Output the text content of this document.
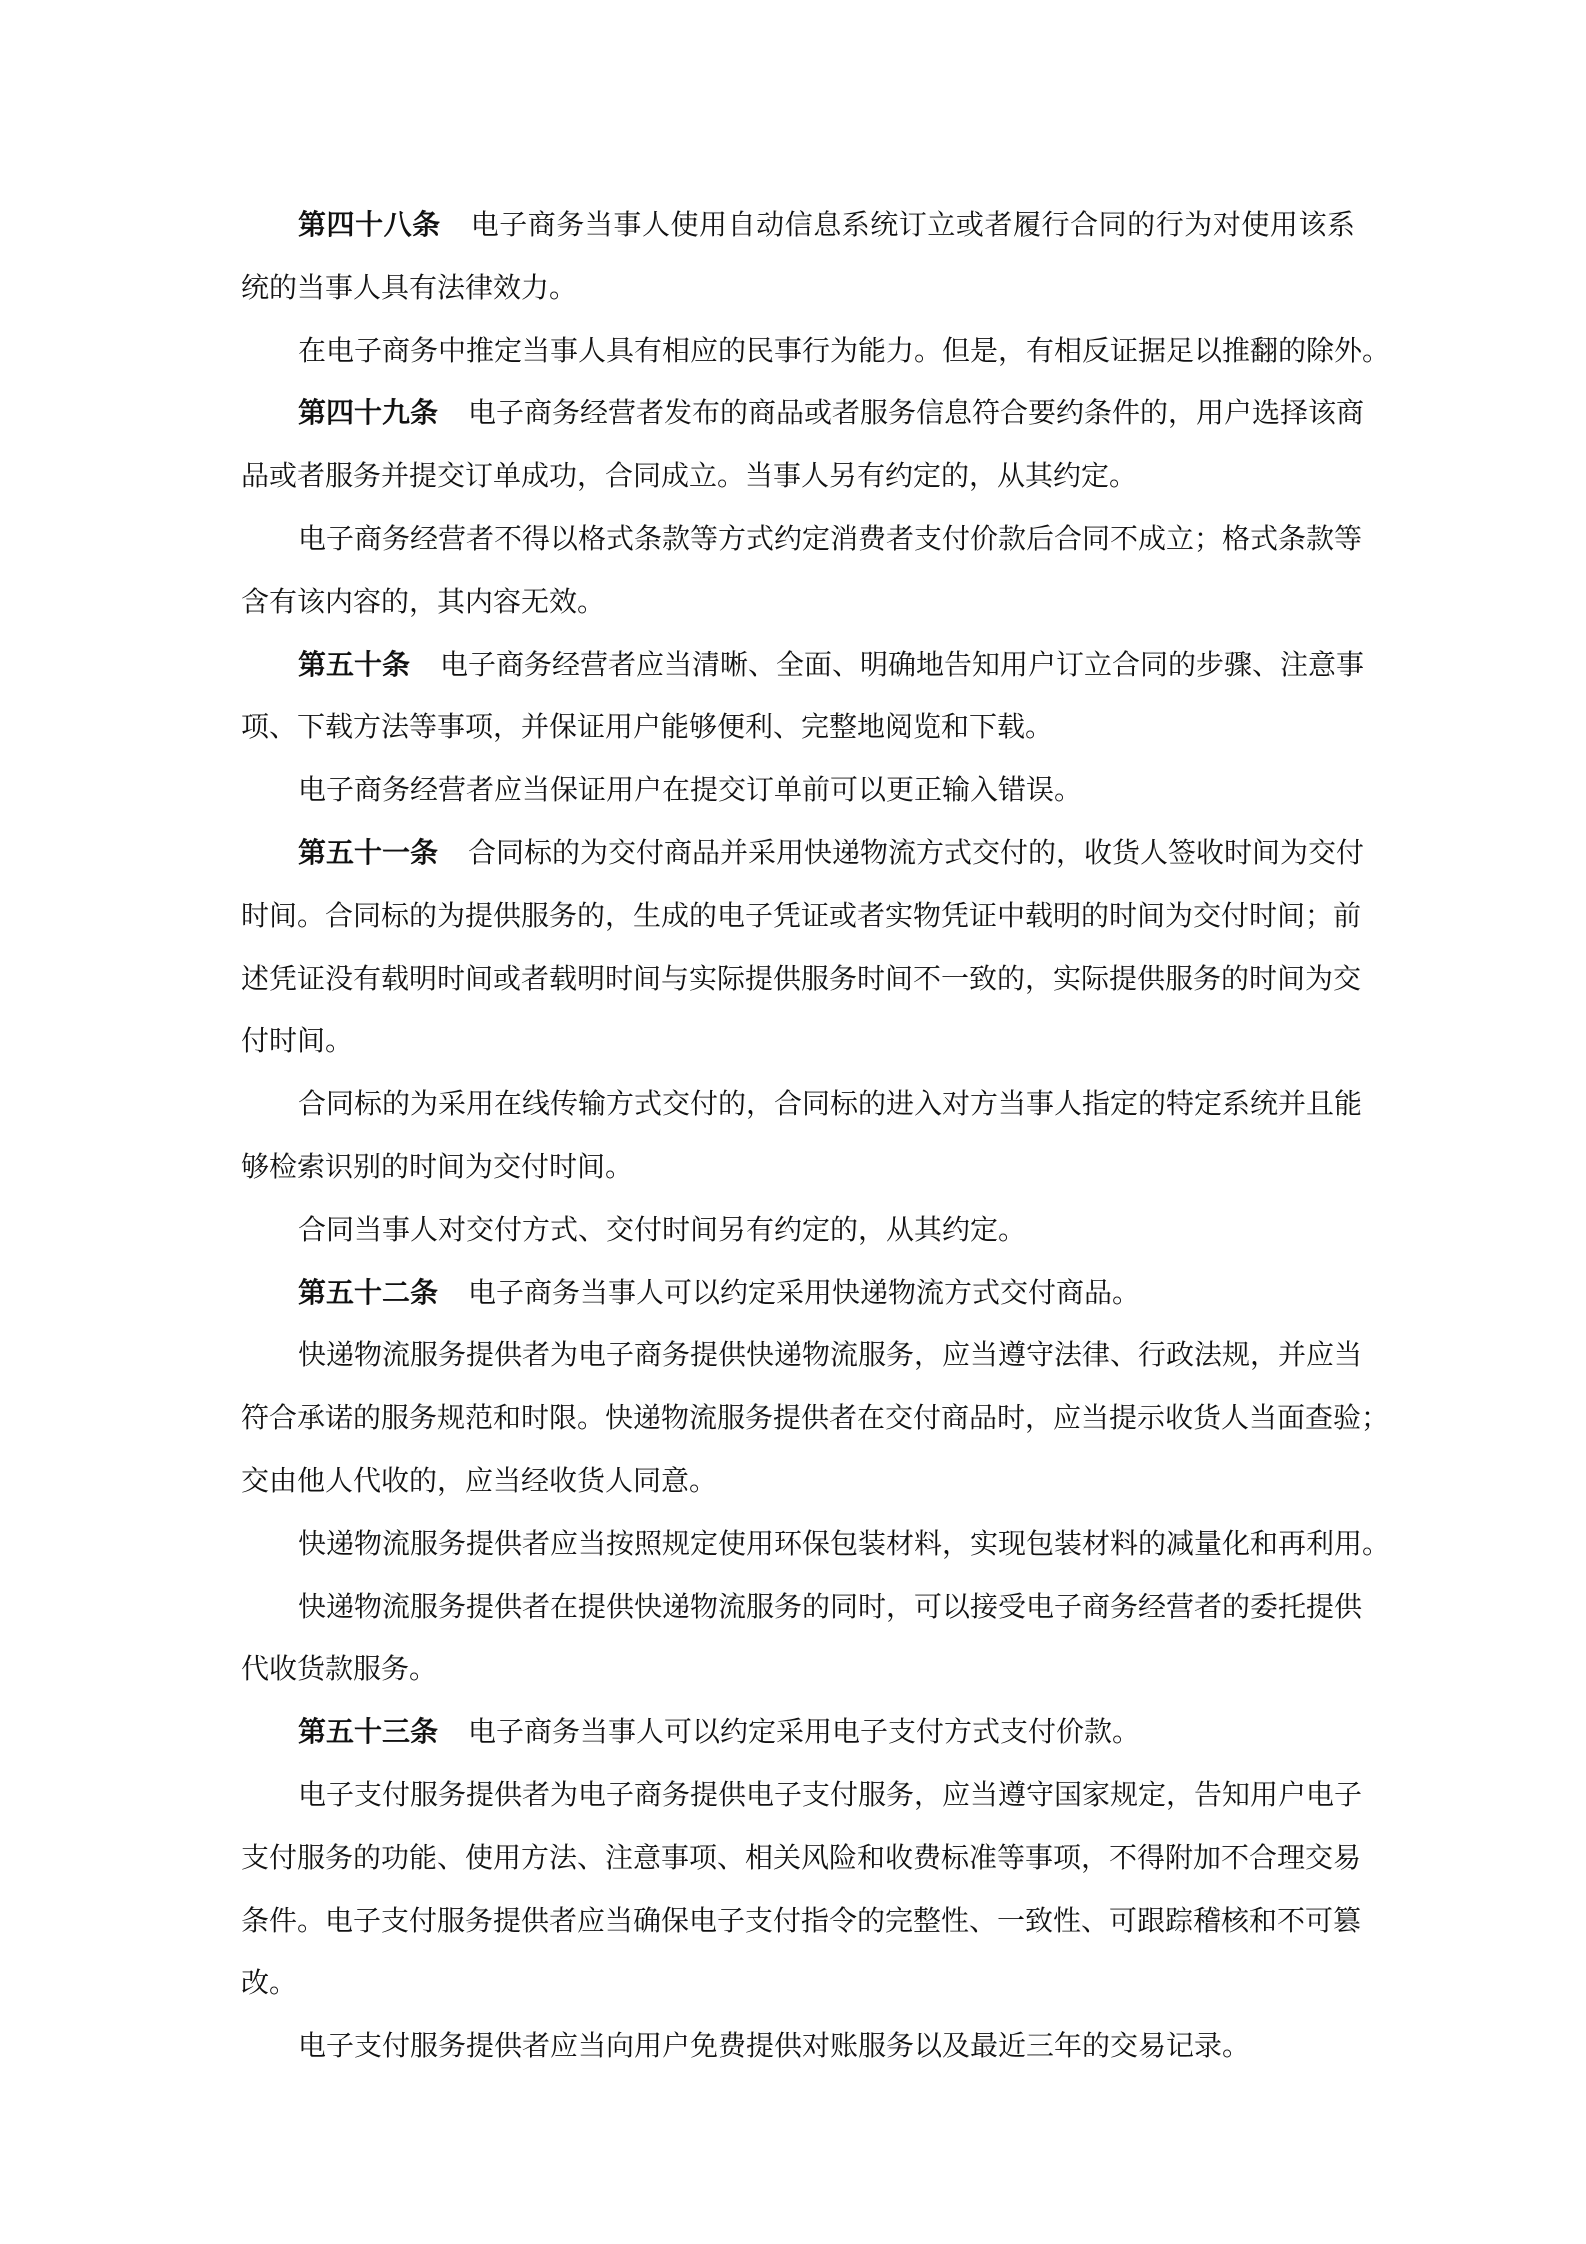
第四十八条 电子商务当事人使用自动信息系统订立或者履行合同的行为对使用该系
统的当事人具有法律效力。
在电子商务中推定当事人具有相应的民事行为能力。但是，有相反证据足以推翻的除外。
第四十九条 电子商务经营者发布的商品或者服务信息符合要约条件的，用户选择该商
品或者服务并提交订单成功，合同成立。当事人另有约定的，从其约定。
电子商务经营者不得以格式条款等方式约定消费者支付价款后合同不成立；格式条款等
含有该内容的，其内容无效。
第五十条 电子商务经营者应当清晰、全面、明确地告知用户订立合同的步骤、注意事
项、下载方法等事项，并保证用户能够便利、完整地阅览和下载。
电子商务经营者应当保证用户在提交订单前可以更正输入错误。
第五十一条 合同标的为交付商品并采用快递物流方式交付的，收货人签收时间为交付
时间。合同标的为提供服务的，生成的电子凭证或者实物凭证中载明的时间为交付时间；前
述凭证没有载明时间或者载明时间与实际提供服务时间不一致的，实际提供服务的时间为交
付时间。
合同标的为采用在线传输方式交付的，合同标的进入对方当事人指定的特定系统并且能
够检索识别的时间为交付时间。
合同当事人对交付方式、交付时间另有约定的，从其约定。
第五十二条 电子商务当事人可以约定采用快递物流方式交付商品。
快递物流服务提供者为电子商务提供快递物流服务，应当遵守法律、行政法规，并应当
符合承诺的服务规范和时限。快递物流服务提供者在交付商品时，应当提示收货人当面查验；
交由他人代收的，应当经收货人同意。
快递物流服务提供者应当按照规定使用环保包装材料，实现包装材料的减量化和再利用。
快递物流服务提供者在提供快递物流服务的同时，可以接受电子商务经营者的委托提供
代收货款服务。
第五十三条 电子商务当事人可以约定采用电子支付方式支付价款。
电子支付服务提供者为电子商务提供电子支付服务，应当遵守国家规定，告知用户电子
支付服务的功能、使用方法、注意事项、相关风险和收费标准等事项，不得附加不合理交易
条件。电子支付服务提供者应当确保电子支付指令的完整性、一致性、可跟踪稽核和不可篡
改。
电子支付服务提供者应当向用户免费提供对账服务以及最近三年的交易记录。
